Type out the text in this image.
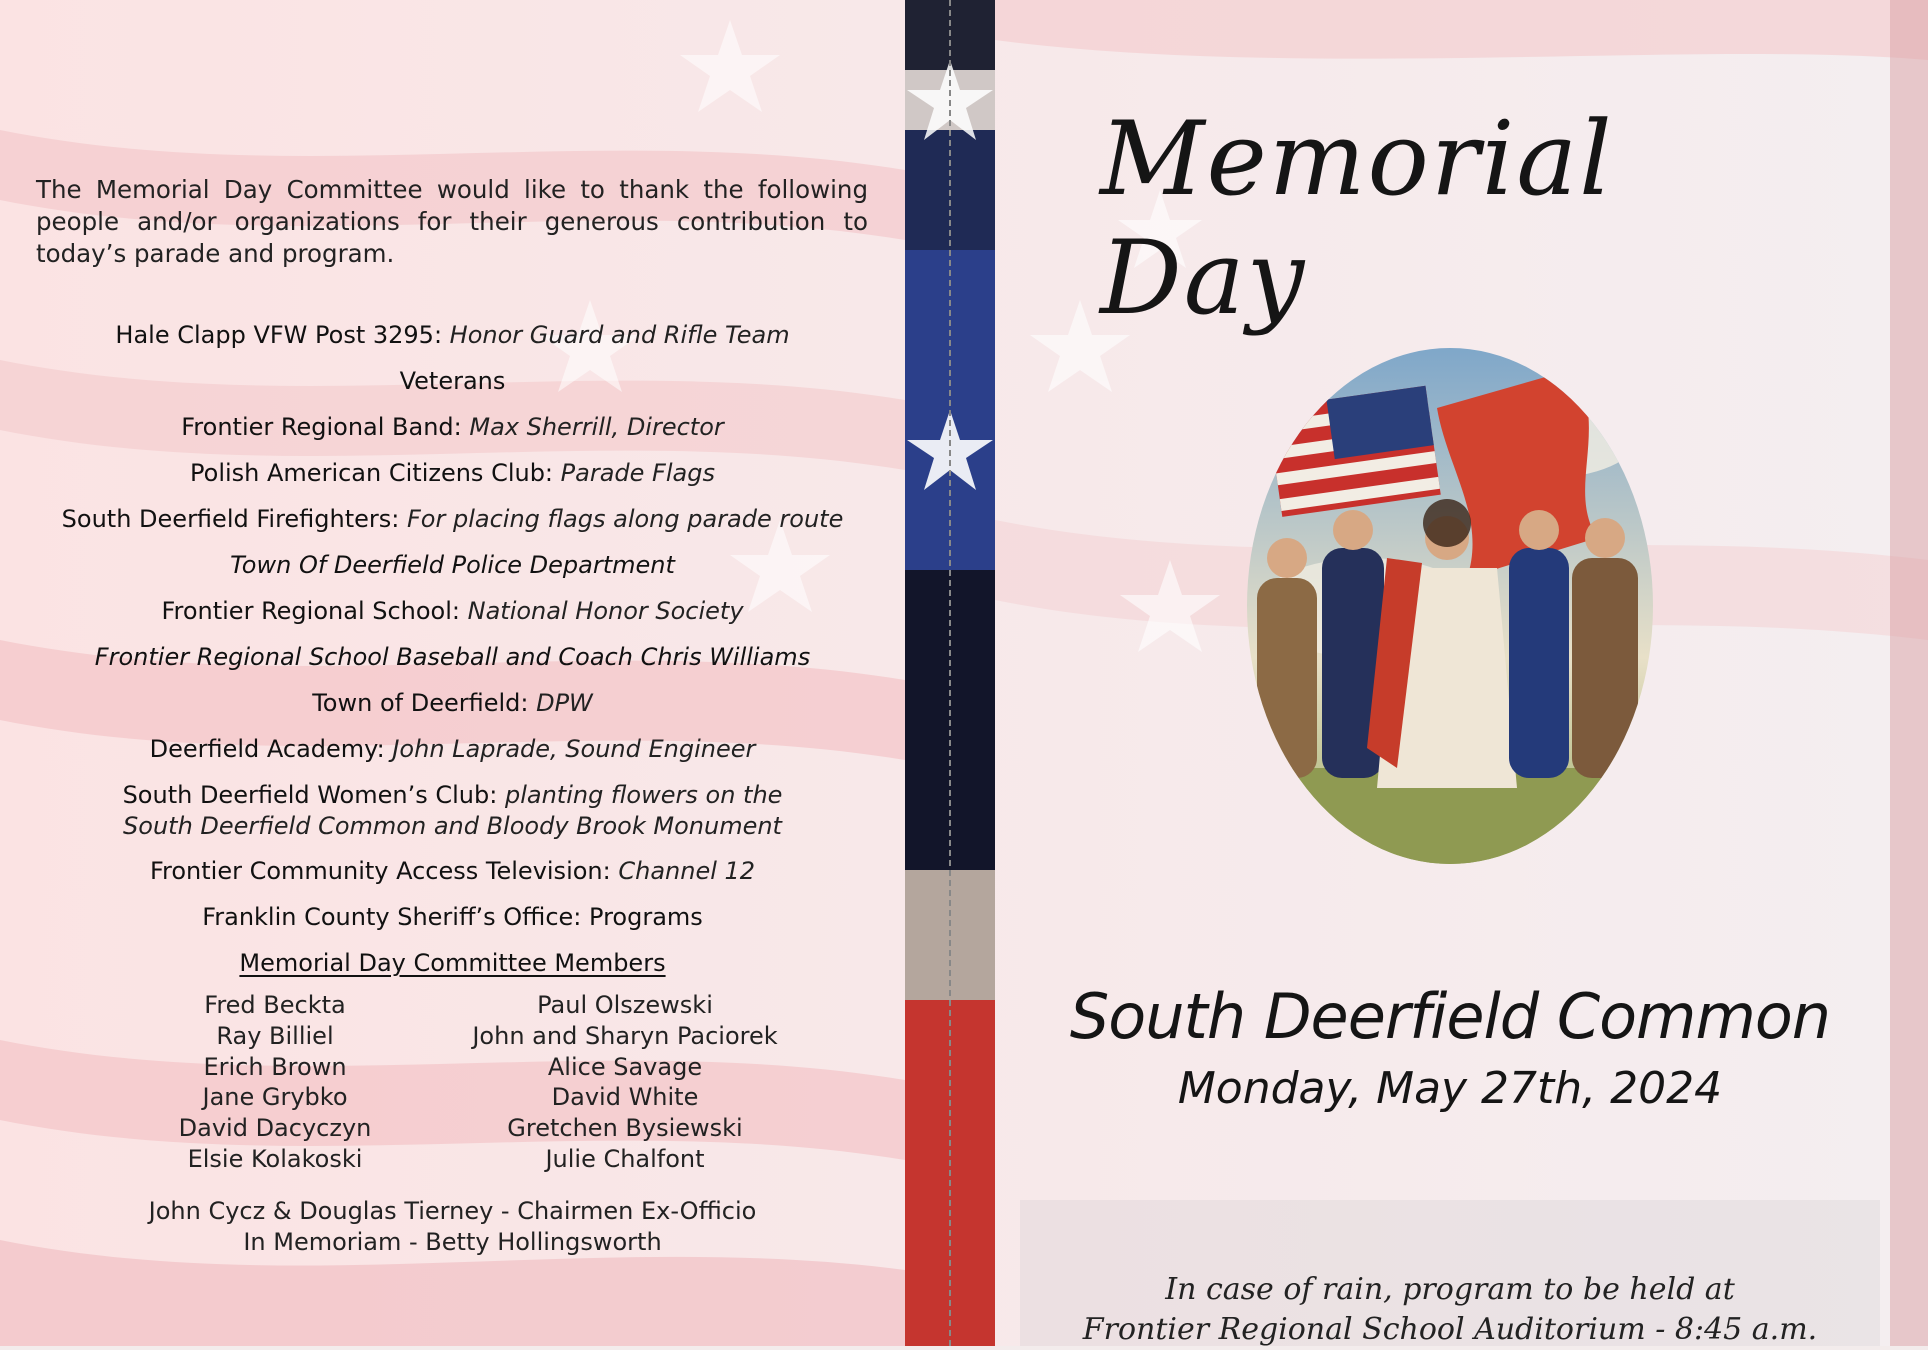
The Memorial Day Committee would like to thank the following people and/or organizations for their generous contribution to today’s parade and program.
Hale Clapp VFW Post 3295: Honor Guard and Rifle Team
Veterans
Frontier Regional Band: Max Sherrill, Director
Polish American Citizens Club: Parade Flags
South Deerfield Firefighters: For placing flags along parade route
Town Of Deerfield Police Department
Frontier Regional School: National Honor Society
Frontier Regional School Baseball and Coach Chris Williams
Town of Deerfield: DPW
Deerfield Academy: John Laprade, Sound Engineer
South Deerfield Women’s Club: planting flowers on the
South Deerfield Common and Bloody Brook Monument
Frontier Community Access Television: Channel 12
Franklin County Sheriff’s Office: Programs
Memorial Day Committee Members
Fred Beckta
Ray Billiel
Erich Brown
Jane Grybko
David Dacyczyn
Elsie Kolakoski
Paul Olszewski
John and Sharyn Paciorek
Alice Savage
David White
Gretchen Bysiewski
Julie Chalfont
John Cycz & Douglas Tierney - Chairmen Ex-Officio
In Memoriam - Betty Hollingsworth
Memorial Day
South Deerfield Common
Monday, May 27th, 2024
In case of rain, program to be held at
Frontier Regional School Auditorium - 8:45 a.m.
